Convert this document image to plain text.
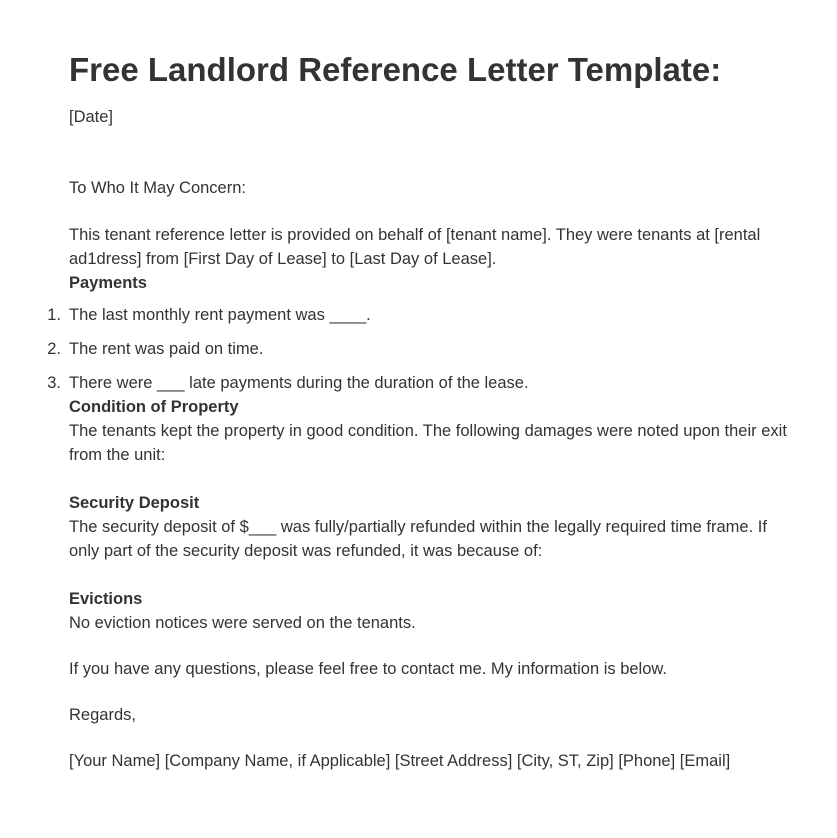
Free Landlord Reference Letter Template:
[Date]
To Who It May Concern:
This tenant reference letter is provided on behalf of [tenant name]. They were tenants at [rental ad1dress] from [First Day of Lease] to [Last Day of Lease].
Payments
1. The last monthly rent payment was ____.
2. The rent was paid on time.
3. There were ___ late payments during the duration of the lease.
Condition of Property
The tenants kept the property in good condition. The following damages were noted upon their exit from the unit:
Security Deposit
The security deposit of $___ was fully/partially refunded within the legally required time frame. If only part of the security deposit was refunded, it was because of:
Evictions
No eviction notices were served on the tenants.
If you have any questions, please feel free to contact me. My information is below.
Regards,
[Your Name] [Company Name, if Applicable] [Street Address] [City, ST, Zip] [Phone] [Email]
